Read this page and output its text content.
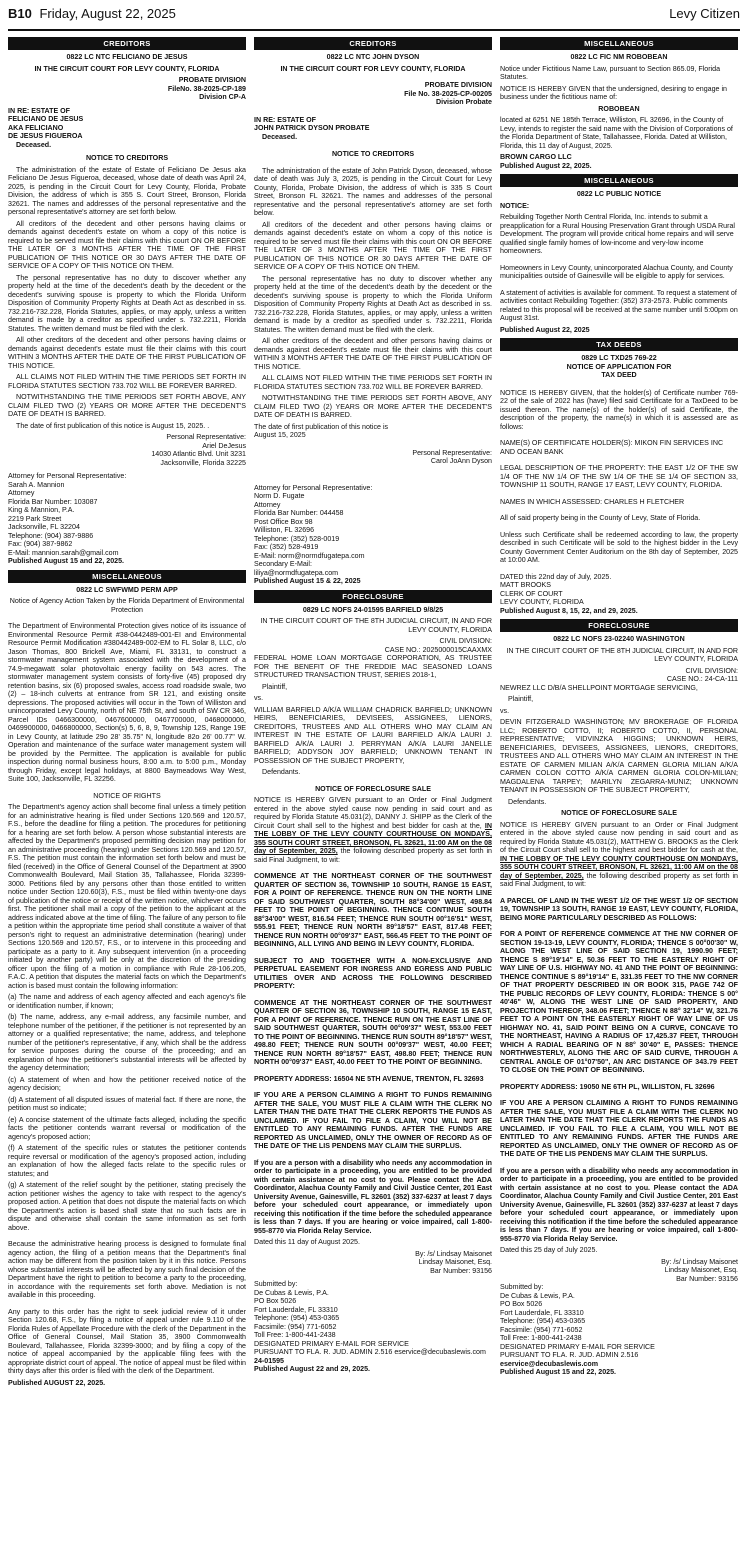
B10 Friday, August 22, 2025	Levy Citizen
CREDITORS

0822 LC NTC FELICIANO DE JESUS

IN THE CIRCUIT COURT FOR LEVY COUNTY, FLORIDA

PROBATE DIVISION

FileNo. 38-2025-CP-189

Division CP-A

IN RE: ESTATE OF

FELICIANO DE JESUS

AKA FELICIANO

DE JESUS FIGUEROA

Deceased.

NOTICE TO CREDITORS

The administration of the estate of Estate of Feliciano De Jesus aka Feliciano De Jesus Figueroa, deceased, whose date of death was April 24, 2025, is pending in the Circuit Court for Levy County, Florida, Probate Division, the address of which is 355 S. Court Street, Bronson, Florida 32621. The names and addresses of the personal representative and the personal representative's attorney are set forth below.

All creditors of the decedent and other persons having claims or demands against decedent's estate on whom a copy of this notice is required to be served must file their claims with this court ON OR BEFORE THE LATER OF 3 MONTHS AFTER THE TIME OF THE FIRST PUBLICATION OF THIS NOTICE OR 30 DAYS AFTER THE DATE OF SERVICE OF A COPY OF THIS NOTICE ON THEM.

The personal representative has no duty to discover whether any property held at the time of the decedent's death by the decedent or the decedent's surviving spouse is property to which the Florida Uniform Disposition of Community Property Rights at Death Act as described in ss. 732.216-732.228, Florida Statutes, applies, or may apply, unless a written demand is made by a creditor as specified under s. 732.2211, Florida Statutes. The written demand must be filed with the clerk.

All other creditors of the decedent and other persons having claims or demands against decedent's estate must file their claims with this court WITHIN 3 MONTHS AFTER THE DATE OF THE FIRST PUBLICATION OF THIS NOTICE.

ALL CLAIMS NOT FILED WITHIN THE TIME PERIODS SET FORTH IN FLORIDA STATUTES SECTION 733.702 WILL BE FOREVER BARRED.

NOTWITHSTANDING THE TIME PERIODS SET FORTH ABOVE, ANY CLAIM FILED TWO (2) YEARS OR MORE AFTER THE DECEDENT'S DATE OF DEATH IS BARRED.

The date of first publication of this notice is August 15, 2025. .

Personal Representative:

Ariel DeJesus

14030 Atlantic Blvd. Unit 3231

Jacksonville, Florida 32225

Attorney for Personal Representative:

Sarah A. Mannion

Attorney

Florida Bar Number: 103087

King & Mannion, P.A.

2219 Park Street

Jacksonville, FL 32204

Telephone: (904) 387-9886

Fax: (904) 387-9862

E-Mail: mannion.sarah@gmail.com

Published August 15 and 22, 2025.

MISCELLANEOUS

0822 LC SWFWMD PERM APP

Notice of Agency Action Taken by the Florida Department of Environmental Protection

The Department of Environmental Protection gives notice of its issuance of Environmental Resource Permit #38-0442489-001-EI and Environmental Resource Permit Modification #380442489-002-EM to FL Solar 8, LLC, c/o Jason Thomas, 800 Brickell Ave, Miami, FL 33131, to construct a stormwater management system associated with the development of a 74.9-megawatt solar photovoltaic energy facility on 543 acres. The stormwater management system consists of forty-five (45) proposed dry retention basins, six (6) proposed swales, access road roadside swale, two (2) – 18-inch culverts at entrance from SR 121, and existing onsite depressions. The proposed activities will occur in the Town of Williston and unincorporated Levy County, north of NE 75th St, and south of SW CR 346, Parcel IDs 0466300000, 0467600000, 0467700000, 0468000000, 0469900000, 0466800000, Section(s) 5, 6, 8, 9, Township 12S, Range 19E in Levy County, at latitude 29o 28' 35.75" N, longitude 82o 26' 00.77" W. Operation and maintenance of the surface water management system will be provided by the Permittee. The application is available for public inspection during normal business hours, 8:00 a.m. to 5:00 p.m., Monday through Friday, except legal holidays, at 8800 Baymeadows Way West, Suite 100, Jacksonville, FL 32256.

NOTICE OF RIGHTS

The Department's agency action shall become final unless a timely petition for an administrative hearing is filed under Sections 120.569 and 120.57, F.S., before the deadline for filing a petition. The procedures for petitioning for a hearing are set forth below. A person whose substantial interests are affected by the Department's proposed permitting decision may petition for an administrative proceeding (hearing) under Sections 120.569 and 120.57, F.S. The petition must contain the information set forth below and must be filed (received) in the Office of General Counsel of the Department at 3900 Commonwealth Boulevard, Mail Station 35, Tallahassee, Florida 32399-3000. Petitions filed by any persons other than those entitled to written notice under Section 120.60(3), F.S., must be filed within twenty-one days of publication of the notice or receipt of the written notice, whichever occurs first. The petitioner shall mail a copy of the petition to the applicant at the address indicated above at the time of filing. The failure of any person to file a petition within the appropriate time period shall constitute a waiver of that person's right to request an administrative determination (hearing) under Sections 120.569 and 120.57, F.S., or to intervene in this proceeding and participate as a party to it. Any subsequent intervention (in a proceeding initiated by another party) will be only at the discretion of the presiding officer upon the filing of a motion in compliance with Rule 28-106.205, F.A.C. A petition that disputes the material facts on which the Department's action is based must contain the following information:

(a) The name and address of each agency affected and each agency's file or identification number, if known;

(b) The name, address, any e-mail address, any facsimile number, and telephone number of the petitioner, if the petitioner is not represented by an attorney or a qualified representative; the name, address, and telephone number of the petitioner's representative, if any, which shall be the address for service purposes during the course of the proceeding; and an explanation of how the petitioner's substantial interests will be affected by the agency determination;

(c) A statement of when and how the petitioner received notice of the agency decision;

(d) A statement of all disputed issues of material fact. If there are none, the petition must so indicate;

(e) A concise statement of the ultimate facts alleged, including the specific facts the petitioner contends warrant reversal or modification of the agency's proposed action;

(f) A statement of the specific rules or statutes the petitioner contends require reversal or modification of the agency's proposed action, including an explanation of how the alleged facts relate to the specific rules or statutes; and

(g) A statement of the relief sought by the petitioner, stating precisely the action petitioner wishes the agency to take with respect to the agency's proposed action. A petition that does not dispute the material facts on which the Department's action is based shall state that no such facts are in dispute and otherwise shall contain the same information as set forth above.

Because the administrative hearing process is designed to formulate final agency action, the filing of a petition means that the Department's final action may be different from the position taken by it in this notice. Persons whose substantial interests will be affected by any such final decision of the Department have the right to petition to become a party to the proceeding, in accordance with the requirements set forth above. Mediation is not available in this proceeding.

Any party to this order has the right to seek judicial review of it under Section 120.68, F.S., by filing a notice of appeal under rule 9.110 of the Florida Rules of Appellate Procedure with the clerk of the Department in the Office of General Counsel, Mail Station 35, 3900 Commonwealth Boulevard, Tallahassee, Florida 32399-3000; and by filing a copy of the notice of appeal accompanied by the applicable filing fees with the appropriate district court of appeal. The notice of appeal must be filed within thirty days after this order is filed with the clerk of the Department.

Published AUGUST 22, 2025.

CREDITORS

0822 LC NTC JOHN DYSON

IN THE CIRCUIT COURT FOR LEVY COUNTY, FLORIDA

PROBATE DIVISION

File No. 38-2025-CP-00205

Division Probate

IN RE: ESTATE OF

JOHN PATRICK DYSON PROBATE

Deceased.

NOTICE TO CREDITORS

The administration of the estate of John Patrick Dyson, deceased, whose date of death was July 3, 2025, is pending in the Circuit Court for Levy County, Florida, Probate Division, the address of which is 335 S Court Street, Bronson FL 32621. The names and addresses of the personal representative and the personal representative's attorney are set forth below.

All creditors of the decedent and other persons having claims or demands against decedent's estate on whom a copy of this notice is required to be served must file their claims with this court ON OR BEFORE THE LATER OF 3 MONTHS AFTER THE TIME OF THE FIRST PUBLICATION OF THIS NOTICE OR 30 DAYS AFTER THE DATE OF SERVICE OF A COPY OF THIS NOTICE ON THEM.

The personal representative has no duty to discover whether any property held at the time of the decedent's death by the decedent or the decedent's surviving spouse is property to which the Florida Uniform Disposition of Community Property Rights at Death Act as described in ss. 732.216-732.228, Florida Statutes, applies, or may apply, unless a written demand is made by a creditor as specified under s. 732.2211, Florida Statutes. The written demand must be filed with the clerk.

All other creditors of the decedent and other persons having claims or demands against decedent's estate must file their claims with this court WITHIN 3 MONTHS AFTER THE DATE OF THE FIRST PUBLICATION OF THIS NOTICE.

ALL CLAIMS NOT FILED WITHIN THE TIME PERIODS SET FORTH IN FLORIDA STATUTES SECTION 733.702 WILL BE FOREVER BARRED.

NOTWITHSTANDING THE TIME PERIODS SET FORTH ABOVE, ANY CLAIM FILED TWO (2) YEARS OR MORE AFTER THE DECEDENT'S DATE OF DEATH IS BARRED.

The date of first publication of this notice is

August 15, 2025

Personal Representative:

Carol JoAnn Dyson

Attorney for Personal Representative:

Norm D. Fugate

Attorney

Florida Bar Number: 044458

Post Office Box 98

Williston, FL 32696

Telephone: (352) 528-0019

Fax: (352) 528-4919

E-Mail: norm@normdfugatepa.com

Secondary E-Mail:

liliya@normdfugatepa.com

Published August 15 & 22, 2025

FORECLOSURE

0829 LC NOFS 24-01595 BARFIELD 9/8/25

IN THE CIRCUIT COURT OF THE 8TH JUDICIAL CIRCUIT, IN AND FOR LEVY COUNTY, FLORIDA

CIVIL DIVISION:

CASE NO.: 2025000015CAAXMX

FEDERAL HOME LOAN MORTGAGE CORPORATION, AS TRUSTEE FOR THE BENEFIT OF THE FREDDIE MAC SEASONED LOANS STRUCTURED TRANSACTION TRUST, SERIES 2018-1,

Plaintiff,

vs.

WILLIAM BARFIELD A/K/A WILLIAM CHADRICK BARFIELD; UNKNOWN HEIRS, BENEFICIARIES, DEVISEES, ASSIGNEES, LIENORS, CREDITORS, TRUSTEES AND ALL OTHERS WHO MAY CLAIM AN INTEREST IN THE ESTATE OF LAURI BARFIELD A/K/A LAURI J. BARFIELD A/K/A LAURI J. PERRYMAN A/K/A LAURI JANELLE BARFIELD; ADDYSON JOY BARFIELD; UNKNOWN TENANT IN POSSESSION OF THE SUBJECT PROPERTY,

Defendants.

NOTICE OF FORECLOSURE SALE

NOTICE IS HEREBY GIVEN pursuant to an Order or Final Judgment entered in the above styled cause now pending in said court and as required by Florida Statute 45.031(2), DANNY J. SHIPP as the Clerk of the Circuit Court shall sell to the highest and best bidder for cash at the, IN THE LOBBY OF THE LEVY COUNTY COURTHOUSE ON MONDAYS, 355 SOUTH COURT STREET, BRONSON, FL 32621, 11:00 AM on the 08 day of September, 2025, the following described property as set forth in said Final Judgment, to wit:

COMMENCE AT THE NORTHEAST CORNER OF THE SOUTHWEST QUARTER OF SECTION 36, TOWNSHIP 10 SOUTH, RANGE 15 EAST, FOR A POINT OF REFERENCE. THENCE RUN ON THE NORTH LINE OF SAID SOUTHWEST QUARTER, SOUTH 88°34'00" WEST, 498.84 FEET TO THE POINT OF BEGINNING. THENCE CONTINUE SOUTH 88°34'00" WEST, 816.54 FEET; THENCE RUN SOUTH 00°16'51" WEST, 555.91 FEET; THENCE RUN NORTH 89°18'57" EAST, 817.48 FEET; THENCE RUN NORTH 00°09'37" EAST, 566.45 FEET TO THE POINT OF BEGINNING, ALL LYING AND BEING IN LEVY COUNTY, FLORIDA.

SUBJECT TO AND TOGETHER WITH A NON-EXCLUSIVE AND PERPETUAL EASEMENT FOR INGRESS AND EGRESS AND PUBLIC UTILITIES OVER AND ACROSS THE FOLLOWING DESCRIBED PROPERTY:

COMMENCE AT THE NORTHEAST CORNER OF THE SOUTHWEST QUARTER OF SECTION 36, TOWNSHIP 10 SOUTH, RANGE 15 EAST, FOR A POINT OF REFERENCE. THENCE RUN ON THE EAST LINE OF SAID SOUTHWEST QUARTER, SOUTH 00°09'37" WEST, 553.00 FEET TO THE POINT OF BEGINNING. THENCE RUN SOUTH 89°18'57" WEST, 498.80 FEET; THENCE RUN SOUTH 00°09'37" WEST, 40.00 FEET; THENCE RUN NORTH 89°18'57" EAST, 498.80 FEET; THENCE RUN NORTH 00°09'37" EAST, 40.00 FEET TO THE POINT OF BEGINNING.

PROPERTY ADDRESS: 16504 NE 5TH AVENUE, TRENTON, FL 32693

IF YOU ARE A PERSON CLAIMING A RIGHT TO FUNDS REMAINING AFTER THE SALE, YOU MUST FILE A CLAIM WITH THE CLERK NO LATER THAN THE DATE THAT THE CLERK REPORTS THE FUNDS AS UNCLAIMED. IF YOU FAIL TO FILE A CLAIM, YOU WILL NOT BE ENTITLED TO ANY REMAINING FUNDS. AFTER THE FUNDS ARE REPORTED AS UNCLAIMED, ONLY THE OWNER OF RECORD AS OF THE DATE OF THE LIS PENDENS MAY CLAIM THE SURPLUS.

If you are a person with a disability who needs any accommodation in order to participate in a proceeding, you are entitled to be provided with certain assistance at no cost to you. Please contact the ADA Coordinator, Alachua County Family and Civil Justice Center, 201 East University Avenue, Gainesville, FL 32601 (352) 337-6237 at least 7 days before your scheduled court appearance, or immediately upon receiving this notification if the time before the scheduled appearance is less than 7 days. If you are hearing or voice impaired, call 1-800-955-8770 via Florida Relay Service.

Dated this 11 day of August 2025.

By: /s/ Lindsay Maisonet

Lindsay Maisonet, Esq.

Bar Number: 93156

Submitted by:

De Cubas & Lewis, P.A.

PO Box 5026

Fort Lauderdale, FL 33310

Telephone: (954) 453-0365

Facsimile: (954) 771-6052

Toll Free: 1-800-441-2438

DESIGNATED PRIMARY E-MAIL FOR SERVICE

PURSUANT TO FLA. R. JUD. ADMIN 2.516 eservice@decubaslewis.com

24-01595

Published August 22 and 29, 2025.

MISCELLANEOUS

0822 LC FIC NM ROBOBEAN

Notice under Fictitious Name Law, pursuant to Section 865.09, Florida Statutes.

NOTICE IS HEREBY GIVEN that the undersigned, desiring to engage in business under the fictitious name of:

ROBOBEAN

located at 6251 NE 185th Terrace, Williston, FL 32696, in the County of Levy, intends to register the said name with the Division of Corporations of the Florida Department of State, Tallahassee, Florida. Dated at Williston, Florida, this 11 day of August, 2025.

BROWN CARGO LLC

Published August 22, 2025.

MISCELLANEOUS

0822 LC PUBLIC NOTICE

NOTICE:

Rebuilding Together North Central Florida, Inc. intends to submit a preapplication for a Rural Housing Preservation Grant through USDA Rural Development. The program will provide critical home repairs and will serve qualified single family homes of low-income and very-low income homeowners.

Homeowners in Levy County, unincorporated Alachua County, and County municipalities outside of Gainesville will be eligible to apply for services.

A statement of activities is available for comment. To request a statement of activities contact Rebuilding Together: (352) 373-2573. Public comments related to this proposal will be received at the same number until 5:00pm on August 31st.

Published August 22, 2025

TAX DEEDS

0829 LC TXD25 769-22

NOTICE OF APPLICATION FOR

TAX DEED

NOTICE IS HEREBY GIVEN, that the holder(s) of Certificate number 769-22 of the sale of 2022 has (have) filed said Certificate for a TaxDeed to be issued thereon. The name(s) of the holder(s) of said Certificate, the description of the property, the name(s) in which it is assessed are as follows:

NAME(S) OF CERTIFICATE HOLDER(S): MIKON FIN SERVICES INC AND OCEAN BANK

LEGAL DESCRIPTION OF THE PROPERTY: THE EAST 1/2 OF THE SW 1/4 OF THE NW 1/4 OF THE SW 1/4 OF THE SE 1/4 OF SECTION 33, TOWNSHIP 11 SOUTH, RANGE 17 EAST, LEVY COUNTY, FLORIDA.

NAMES IN WHICH ASSESSED: CHARLES H FLETCHER

All of said property being in the County of Levy, State of Florida.

Unless such Certificate shall be redeemed according to law, the property described in such Certificate will be sold to the highest bidder in the Levy County Government Center Auditorium on the 8th day of September, 2025 at 10:00 AM.

DATED this 22nd day of July, 2025.

MATT BROOKS

CLERK OF COURT

LEVY COUNTY, FLORIDA

Published August 8, 15, 22, and 29, 2025.

FORECLOSURE

0822 LC NOFS 23-02240 WASHINGTON

IN THE CIRCUIT COURT OF THE 8TH JUDICIAL CIRCUIT, IN AND FOR LEVY COUNTY, FLORIDA

CIVIL DIVISION:

CASE NO.: 24-CA-111

NEWREZ LLC D/B/A SHELLPOINT MORTGAGE SERVICING,

Plaintiff,

vs.

DEVIN FITZGERALD WASHINGTON; MV BROKERAGE OF FLORIDA LLC; ROBERTO COTTO, II; ROBERTO COTTO, II, PERSONAL REPRESENTATIVE; VIDVINZKA HIGGINS; UNKNOWN HEIRS, BENEFICIARIES, DEVISEES, ASSIGNEES, LIENORS, CREDITORS, TRUSTEES AND ALL OTHERS WHO MAY CLAIM AN INTEREST IN THE ESTATE OF CARMEN MILIAN A/K/A CARMEN GLORIA MILIAN A/K/A CARMEN COLON COTTO A/K/A CARMEN GLORIA COLON-MILIAN; MAGDALENA TARPEY; MARILYN ZEGARRA-MUNIZ; UNKNOWN TENANT IN POSSESSION OF THE SUBJECT PROPERTY,

Defendants.

NOTICE OF FORECLOSURE SALE

NOTICE IS HEREBY GIVEN pursuant to an Order or Final Judgment entered in the above styled cause now pending in said court and as required by Florida Statute 45.031(2), MATTHEW G. BROOKS as the Clerk of the Circuit Court shall sell to the highest and best bidder for cash at the, IN THE LOBBY OF THE LEVY COUNTY COURTHOUSE ON MONDAYS, 355 SOUTH COURT STREET, BRONSON, FL 32621, 11:00 AM on the 08 day of September, 2025, the following described property as set forth in said Final Judgment, to wit:

A PARCEL OF LAND IN THE WEST 1/2 OF THE WEST 1/2 OF SECTION 19, TOWNSHIP 13 SOUTH, RANGE 19 EAST, LEVY COUNTY, FLORIDA, BEING MORE PARTICULARLY DESCRIBED AS FOLLOWS:

FOR A POINT OF REFERENCE COMMENCE AT THE NW CORNER OF SECTION 19-13-19, LEVY COUNTY, FLORIDA; THENCE S 00°00'30" W, ALONG THE WEST LINE OF SAID SECTION 19, 1990.90 FEET; THENCE S 89°19'14" E, 50.36 FEET TO THE EASTERLY RIGHT OF WAY LINE OF U.S. HIGHWAY NO. 41 AND THE POINT OF BEGINNING: THENCE CONTINUE S 89°19'14" E, 331.35 FEET TO THE NW CORNER OF THAT PROPERTY DESCRIBED IN OR BOOK 315, PAGE 742 OF THE PUBLIC RECORDS OF LEVY COUNTY, FLORIDA: THENCE S 00° 40'46" W, ALONG THE WEST LINE OF SAID PROPERTY, AND PROJECTION THEREOF, 348.06 FEET; THENCE N 88° 32'14" W, 321.76 FEET TO A POINT ON THE EASTERLY RIGHT OF WAY LINE OF US HIGHWAY NO. 41, SAID POINT BEING ON A CURVE, CONCAVE TO THE NORTHEAST, HAVING A RADIUS OF 17,425.37 FEET, THROUGH WHICH A RADIAL BEARING OF N 88° 30'40" E, PASSES: THENCE NORTHWESTERLY, ALONG THE ARC OF SAID CURVE, THROUGH A CENTRAL ANGLE OF 01°07'50", AN ARC DISTANCE OF 343.79 FEET TO CLOSE ON THE POINT OF BEGINNING.

PROPERTY ADDRESS: 19050 NE 6TH PL, WILLISTON, FL 32696

IF YOU ARE A PERSON CLAIMING A RIGHT TO FUNDS REMAINING AFTER THE SALE, YOU MUST FILE A CLAIM WITH THE CLERK NO LATER THAN THE DATE THAT THE CLERK REPORTS THE FUNDS AS UNCLAIMED. IF YOU FAIL TO FILE A CLAIM, YOU WILL NOT BE ENTITLED TO ANY REMAINING FUNDS. AFTER THE FUNDS ARE REPORTED AS UNCLAIMED, ONLY THE OWNER OF RECORD AS OF THE DATE OF THE LIS PENDENS MAY CLAIM THE SURPLUS.

If you are a person with a disability who needs any accommodation in order to participate in a proceeding, you are entitled to be provided with certain assistance at no cost to you. Please contact the ADA Coordinator, Alachua County Family and Civil Justice Center, 201 East University Avenue, Gainesville, FL 32601 (352) 337-6237 at least 7 days before your scheduled court appearance, or immediately upon receiving this notification if the time before the scheduled appearance is less than 7 days. If you are hearing or voice impaired, call 1-800-955-8770 via Florida Relay Service.

Dated this 25 day of July 2025.

By: /s/ Lindsay Maisonet

Lindsay Maisonet, Esq.

Bar Number: 93156

Submitted by:

De Cubas & Lewis, P.A.

PO Box 5026

Fort Lauderdale, FL 33310

Telephone: (954) 453-0365

Facsimile: (954) 771-6052

Toll Free: 1-800-441-2438

DESIGNATED PRIMARY E-MAIL FOR SERVICE

PURSUANT TO FLA. R. JUD. ADMIN 2.516

eservice@decubaslewis.com

Published August 15 and 22, 2025.
